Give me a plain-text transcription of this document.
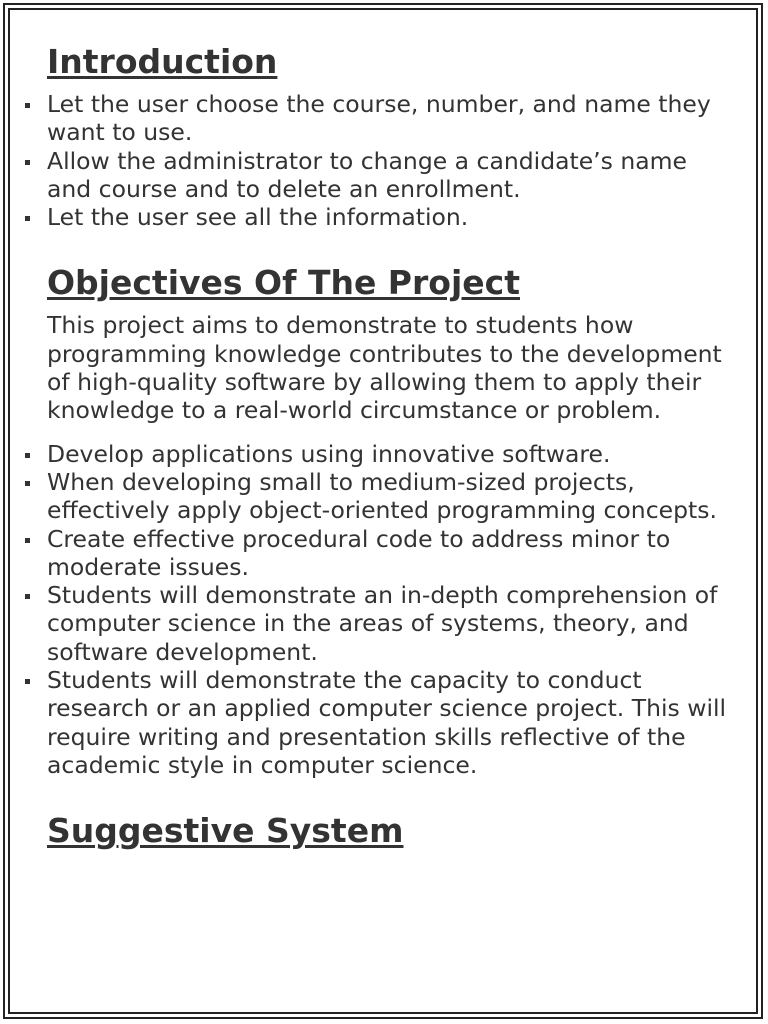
Introduction
Let the user choose the course, number, and name they want to use.
Allow the administrator to change a candidate’s name and course and to delete an enrollment.
Let the user see all the information.
Objectives Of The Project

This project aims to demonstrate to students how programming knowledge contributes to the development of high-quality software by allowing them to apply their knowledge to a real-world circumstance or problem.

Develop applications using innovative software.
When developing small to medium-sized projects, effectively apply object-oriented programming concepts.
Create effective procedural code to address minor to moderate issues.
Students will demonstrate an in-depth comprehension of computer science in the areas of systems, theory, and software development.
Students will demonstrate the capacity to conduct research or an applied computer science project. This will require writing and presentation skills reflective of the academic style in computer science.
Suggestive System
